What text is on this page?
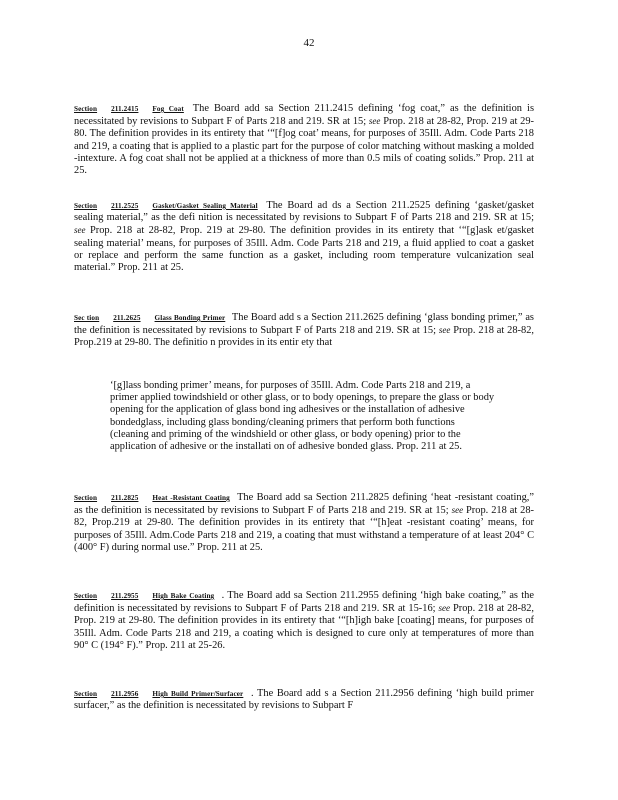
42
Section 211.2415 Fog Coat The Board add sa Section 211.2415 defining ‘fog coat,” as the definition is necessitated by revisions to Subpart F of Parts 218 and 219. SR at 15; see Prop. 218 at 28-82, Prop. 219 at 29-80. The definition provides in its entirety that ‘“[f]og coat’ means, for purposes of 35Ill. Adm. Code Parts 218 and 219, a coating that is applied to a plastic part for the purpose of color matching without masking a molded -intexture. A fog coat shall not be applied at a thickness of more than 0.5 mils of coating solids.” Prop. 211 at 25.
Section 211.2525 Gasket/Gasket Sealing Material The Board ad ds a Section 211.2525 defining ‘gasket/gasket sealing material,” as the defi nition is necessitated by revisions to Subpart F of Parts 218 and 219. SR at 15; see Prop. 218 at 28-82, Prop. 219 at 29-80. The definition provides in its entirety that ‘“[g]ask et/gasket sealing material’ means, for purposes of 35Ill. Adm. Code Parts 218 and 219, a fluid applied to coat a gasket or replace and perform the same function as a gasket, including room temperature vulcanization seal material.” Prop. 211 at 25.
Sec tion 211.2625 Glass Bonding Primer The Board add s a Section 211.2625 defining ‘glass bonding primer,” as the definition is necessitated by revisions to Subpart F of Parts 218 and 219. SR at 15; see Prop. 218 at 28-82, Prop.219 at 29-80. The definitio n provides in its entir ety that
‘[g]lass bonding primer’ means, for purposes of 35Ill. Adm. Code Parts 218 and 219, a primer applied towindshield or other glass, or to body openings, to prepare the glass or body opening for the application of glass bond ing adhesives or the installation of adhesive bondedglass, including glass bonding/cleaning primers that perform both functions (cleaning and priming of the windshield or other glass, or body opening) prior to the application of adhesive or the installati on of adhesive bonded glass. Prop. 211 at 25.
Section 211.2825 Heat -Resistant Coating The Board add sa Section 211.2825 defining ‘heat -resistant coating,” as the definition is necessitated by revisions to Subpart F of Parts 218 and 219. SR at 15; see Prop. 218 at 28-82, Prop.219 at 29-80. The definition provides in its entirety that ‘“[h]eat -resistant coating’ means, for purposes of 35Ill. Adm.Code Parts 218 and 219, a coating that must withstand a temperature of at least 204° C (400° F) during normal use.” Prop. 211 at 25.
Section 211.2955 High Bake Coating . The Board add sa Section 211.2955 defining ‘high bake coating,” as the definition is necessitated by revisions to Subpart F of Parts 218 and 219. SR at 15-16; see Prop. 218 at 28-82, Prop. 219 at 29-80. The definition provides in its entirety that ‘“[h]igh bake [coating] means, for purposes of 35Ill. Adm. Code Parts 218 and 219, a coating which is designed to cure only at temperatures of more than 90° C (194° F).” Prop. 211 at 25-26.
Section 211.2956 High Build Primer/Surfacer . The Board add s a Section 211.2956 defining ‘high build primer surfacer,” as the definition is necessitated by revisions to Subpart F
